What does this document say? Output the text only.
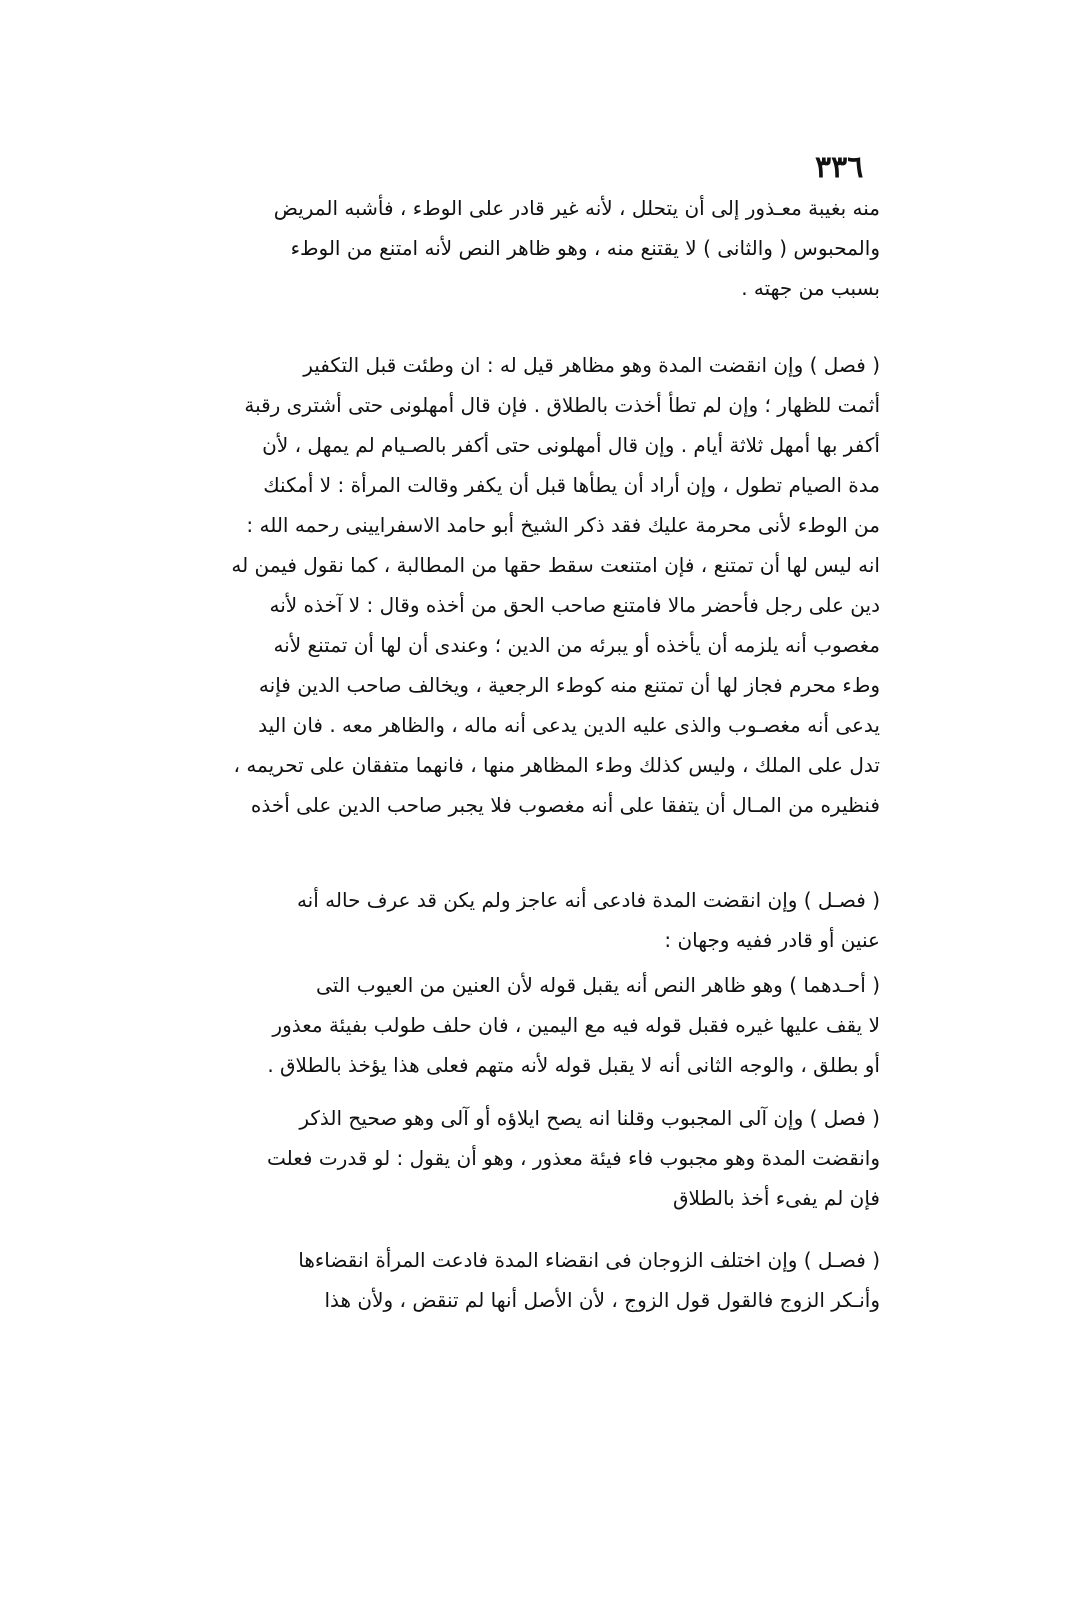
٣٣٦
منه بغيبة معـذور إلى أن يتحلل ، لأنه غير قادر على الوطء ، فأشبه المريض
والمحبوس ( والثانى ) لا يقتنع منه ، وهو ظاهر النص لأنه امتنع من الوطء
بسبب من جهته .
( فصل ) وإن انقضت المدة وهو مظاهر قيل له : ان وطئت قبل التكفير
أثمت للظهار ؛ وإن لم تطأ أخذت بالطلاق . فإن قال أمهلونى حتى أشترى رقبة
أكفر بها أمهل ثلاثة أيام . وإن قال أمهلونى حتى أكفر بالصـيام لم يمهل ، لأن
مدة الصيام تطول ، وإن أراد أن يطأها قبل أن يكفر وقالت المرأة : لا أمكنك
من الوطء لأنى محرمة عليك فقد ذكر الشيخ أبو حامد الاسفرايينى رحمه الله :
انه ليس لها أن تمتنع ، فإن امتنعت سقط حقها من المطالبة ، كما نقول فيمن له
دين على رجل فأحضر مالا فامتنع صاحب الحق من أخذه وقال : لا آخذه لأنه
مغصوب أنه يلزمه أن يأخذه أو يبرئه من الدين ؛ وعندى أن لها أن تمتنع لأنه
وطء محرم فجاز لها أن تمتنع منه كوطء الرجعية ، ويخالف صاحب الدين فإنه
يدعى أنه مغصـوب والذى عليه الدين يدعى أنه ماله ، والظاهر معه . فان اليد
تدل على الملك ، وليس كذلك وطء المظاهر منها ، فانهما متفقان على تحريمه ،
فنظيره من المـال أن يتفقا على أنه مغصوب فلا يجبر صاحب الدين على أخذه
( فصـل ) وإن انقضت المدة فادعى أنه عاجز ولم يكن قد عرف حاله أنه
عنين أو قادر ففيه وجهان :
( أحـدهما ) وهو ظاهر النص أنه يقبل قوله لأن العنين من العيوب التى
لا يقف عليها غيره فقبل قوله فيه مع اليمين ، فان حلف طولب بفيئة معذور
أو بطلق ، والوجه الثانى أنه لا يقبل قوله لأنه متهم فعلى هذا يؤخذ بالطلاق .
( فصل ) وإن آلى المجبوب وقلنا انه يصح ايلاؤه أو آلى وهو صحيح الذكر
وانقضت المدة وهو مجبوب فاء فيئة معذور ، وهو أن يقول : لو قدرت فعلت
فإن لم يفىء أخذ بالطلاق
( فصـل ) وإن اختلف الزوجان فى انقضاء المدة فادعت المرأة انقضاءها
وأنـكر الزوج فالقول قول الزوج ، لأن الأصل أنها لم تنقض ، ولأن هذا
